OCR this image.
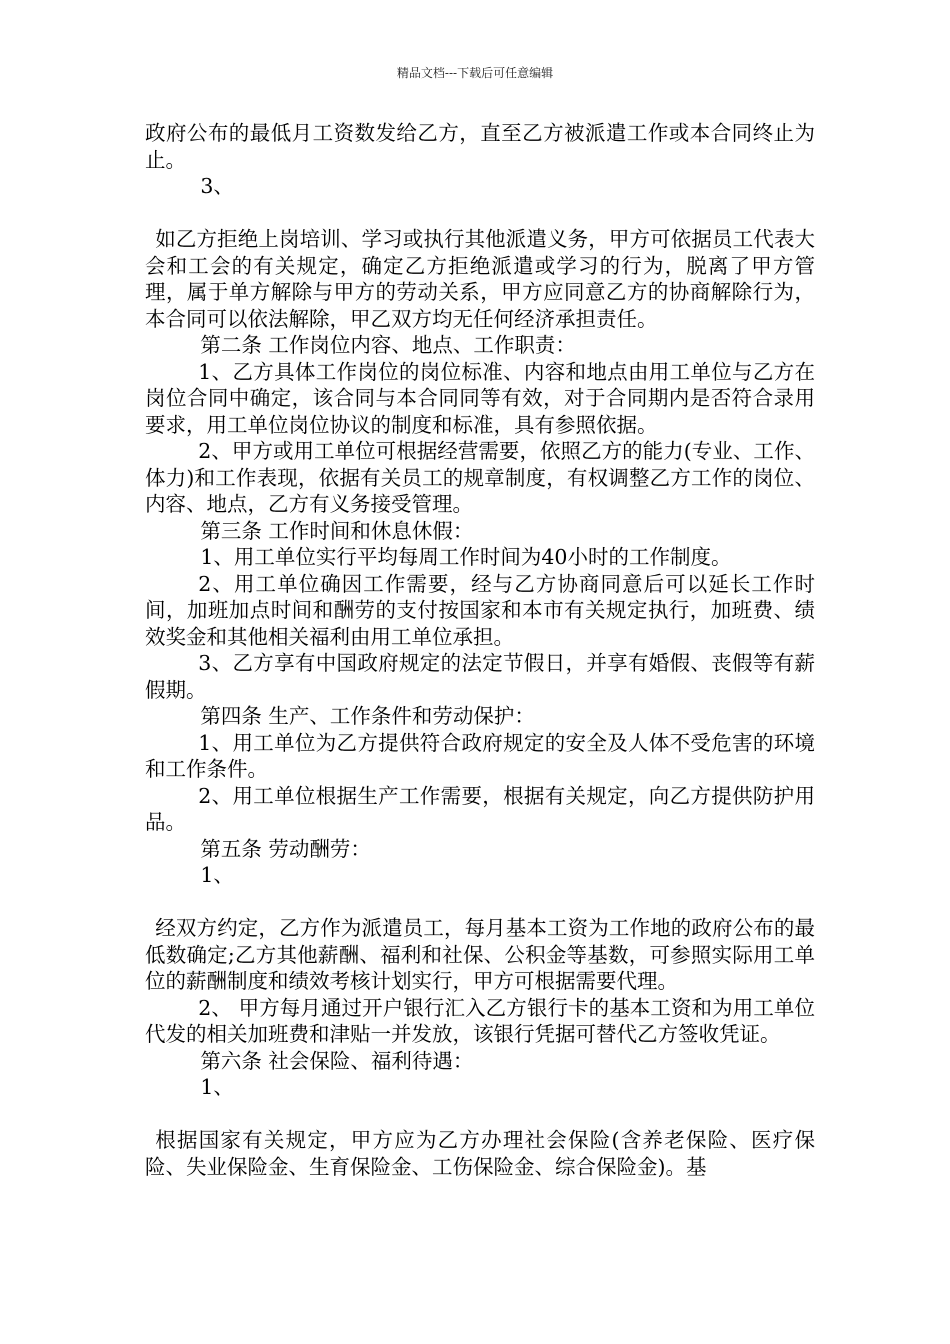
精品文档---下载后可任意编辑

政府公布的最低月工资数发给乙方，直至乙方被派遣工作或本合同终止为止。

3、

如乙方拒绝上岗培训、学习或执行其他派遣义务，甲方可依据员工代表大会和工会的有关规定，确定乙方拒绝派遣或学习的行为，脱离了甲方管理，属于单方解除与甲方的劳动关系，甲方应同意乙方的协商解除行为，本合同可以依法解除，甲乙双方均无任何经济承担责任。

第二条 工作岗位内容、地点、工作职责：

1、乙方具体工作岗位的岗位标准、内容和地点由用工单位与乙方在岗位合同中确定，该合同与本合同同等有效，对于合同期内是否符合录用要求，用工单位岗位协议的制度和标准，具有参照依据。

2、甲方或用工单位可根据经营需要，依照乙方的能力(专业、工作、体力)和工作表现，依据有关员工的规章制度，有权调整乙方工作的岗位、内容、地点，乙方有义务接受管理。

第三条 工作时间和休息休假：

1、用工单位实行平均每周工作时间为40小时的工作制度。

2、用工单位确因工作需要，经与乙方协商同意后可以延长工作时间，加班加点时间和酬劳的支付按国家和本市有关规定执行，加班费、绩效奖金和其他相关福利由用工单位承担。

3、乙方享有中国政府规定的法定节假日，并享有婚假、丧假等有薪假期。

第四条 生产、工作条件和劳动保护：

1、用工单位为乙方提供符合政府规定的安全及人体不受危害的环境和工作条件。

2、用工单位根据生产工作需要，根据有关规定，向乙方提供防护用品。

第五条 劳动酬劳：

1、

经双方约定，乙方作为派遣员工，每月基本工资为工作地的政府公布的最低数确定;乙方其他薪酬、福利和社保、公积金等基数，可参照实际用工单位的薪酬制度和绩效考核计划实行，甲方可根据需要代理。

2、 甲方每月通过开户银行汇入乙方银行卡的基本工资和为用工单位代发的相关加班费和津贴一并发放，该银行凭据可替代乙方签收凭证。

第六条 社会保险、福利待遇：

1、

根据国家有关规定，甲方应为乙方办理社会保险(含养老保险、医疗保险、失业保险金、生育保险金、工伤保险金、综合保险金)。基
